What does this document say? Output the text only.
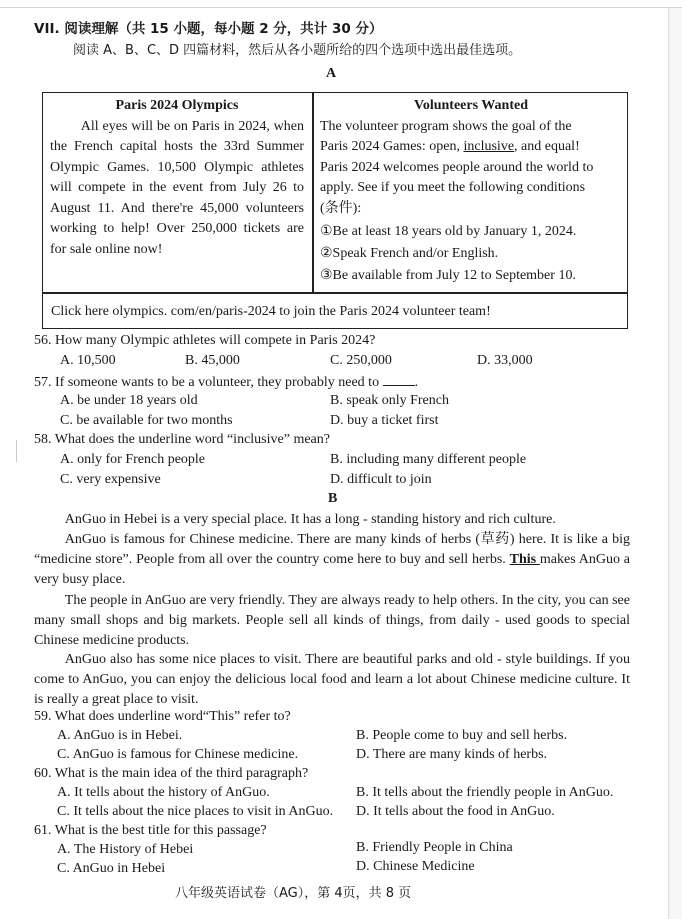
VII. 阅读理解（共 15 小题，每小题 2 分，共计 30 分）
阅读 A、B、C、D 四篇材料，然后从各小题所给的四个选项中选出最佳选项。
A
Paris 2024 Olympics
All eyes will be on Paris in 2024, when the French capital hosts the 33rd Summer Olympic Games. 10,500 Olympic athletes will compete in the event from July 26 to August 11. And there're 45,000 volunteers working to help! Over 250,000 tickets are for sale online now!
Volunteers Wanted
The volunteer program shows the goal of the
Paris 2024 Games: open, inclusive, and equal!
Paris 2024 welcomes people around the world to
apply. See if you meet the following conditions
(条件):
①Be at least 18 years old by January 1, 2024.
②Speak French and/or English.
③Be available from July 12 to September 10.
Click here olympics. com/en/paris-2024 to join the Paris 2024 volunteer team!
56. How many Olympic athletes will compete in Paris 2024?
A. 10,500	B. 45,000	C. 250,000	D. 33,000
57. If someone wants to be a volunteer, they probably need to	.
A. be under 18 years old	B. speak only French
C. be available for two months	D. buy a ticket first
58. What does the underline word “inclusive” mean?
A. only for French people	B. including many different people
C. very expensive	D. difficult to join
B
AnGuo in Hebei is a very special place. It has a long - standing history and rich culture.
AnGuo is famous for Chinese medicine. There are many kinds of herbs (草药) here. It is like a big “medicine store”. People from all over the country come here to buy and sell herbs. This makes AnGuo a very busy place.
The people in AnGuo are very friendly. They are always ready to help others. In the city, you can see many small shops and big markets. People sell all kinds of things, from daily - used goods to special Chinese medicine products.
AnGuo also has some nice places to visit. There are beautiful parks and old - style buildings. If you come to AnGuo, you can enjoy the delicious local food and learn a lot about Chinese medicine culture. It is really a great place to visit.
59. What does underline word“This” refer to?
A. AnGuo is in Hebei.	B. People come to buy and sell herbs.
C. AnGuo is famous for Chinese medicine.	D. There are many kinds of herbs.
60. What is the main idea of the third paragraph?
A. It tells about the history of AnGuo.	B. It tells about the friendly people in AnGuo.
C. It tells about the nice places to visit in AnGuo. D. It tells about the food in AnGuo.
61. What is the best title for this passage?
A. The History of Hebei	B. Friendly People in China
C. AnGuo in Hebei	D. Chinese Medicine
八年级英语试卷（AG），第 4页，共 8 页
